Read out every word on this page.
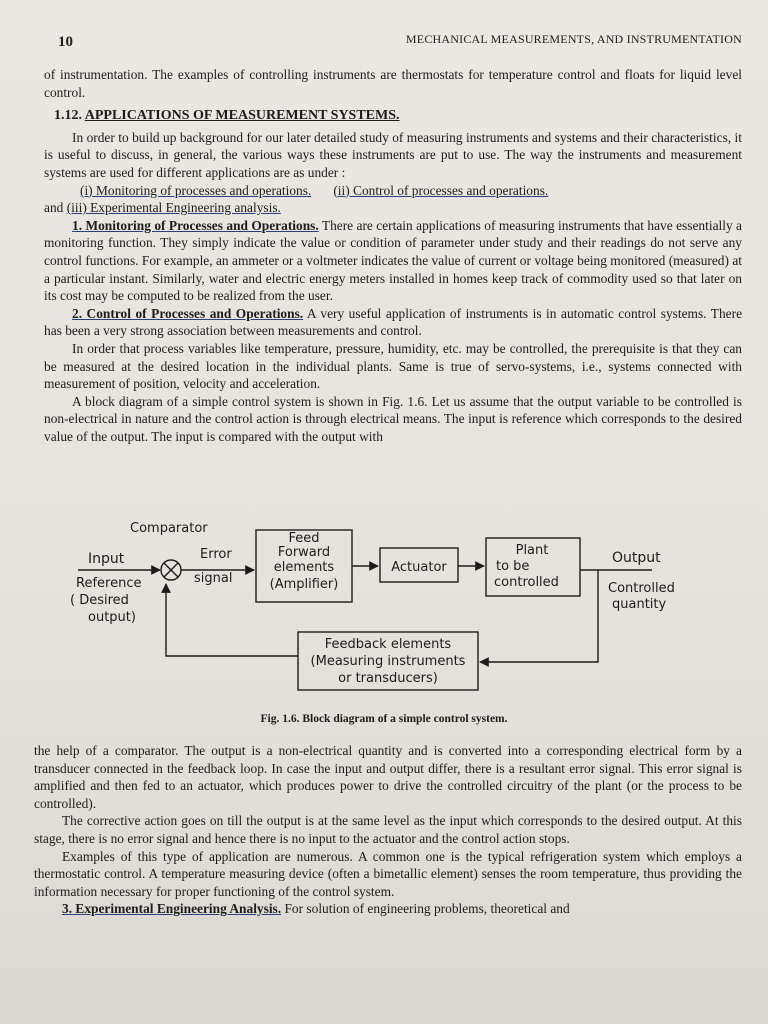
10	MECHANICAL MEASUREMENTS, AND INSTRUMENTATION

of instrumentation. The examples of controlling instruments are thermostats for temperature control and floats for liquid level control.

1.12. APPLICATIONS OF MEASUREMENT SYSTEMS.

In order to build up background for our later detailed study of measuring instruments and systems and their characteristics, it is useful to discuss, in general, the various ways these instruments are put to use. The way the instruments and measurement systems are used for different applications are as under :

(i) Monitoring of processes and operations. (ii) Control of processes and operations.

and (iii) Experimental Engineering analysis.

1. Monitoring of Processes and Operations. There are certain applications of measuring instruments that have essentially a monitoring function. They simply indicate the value or condition of parameter under study and their readings do not serve any control functions. For example, an ammeter or a voltmeter indicates the value of current or voltage being monitored (measured) at a particular instant. Similarly, water and electric energy meters installed in homes keep track of commodity used so that later on its cost may be computed to be realized from the user.

2. Control of Processes and Operations. A very useful application of instruments is in automatic control systems. There has been a very strong association between measurements and control.

In order that process variables like temperature, pressure, humidity, etc. may be controlled, the prerequisite is that they can be measured at the desired location in the individual plants. Same is true of servo-systems, i.e., systems connected with measurement of position, velocity and acceleration.

A block diagram of a simple control system is shown in Fig. 1.6. Let us assume that the output variable to be controlled is non-electrical in nature and the control action is through electrical means. The input is reference which corresponds to the desired value of the output. The input is compared with the output with

Comparator
Input
Reference
( Desired
output)
Error
signal
Feed
Forward
elements
(Amplifier)
Actuator
Plant
to be
controlled
Output
Controlled
quantity
Feedback elements
(Measuring instruments
or transducers)
Fig. 1.6. Block diagram of a simple control system.

the help of a comparator. The output is a non-electrical quantity and is converted into a corresponding electrical form by a transducer connected in the feedback loop. In case the input and output differ, there is a resultant error signal. This error signal is amplified and then fed to an actuator, which produces power to drive the controlled circuitry of the plant (or the process to be controlled).

The corrective action goes on till the output is at the same level as the input which corresponds to the desired output. At this stage, there is no error signal and hence there is no input to the actuator and the control action stops.

Examples of this type of application are numerous. A common one is the typical refrigeration system which employs a thermostatic control. A temperature measuring device (often a bimetallic element) senses the room temperature, thus providing the information necessary for proper functioning of the control system.

3. Experimental Engineering Analysis. For solution of engineering problems, theoretical and
